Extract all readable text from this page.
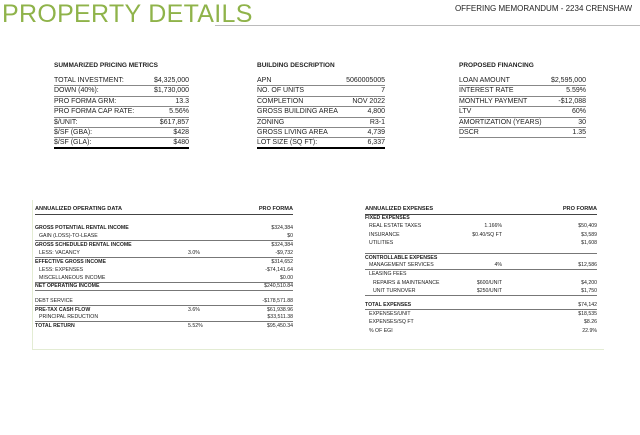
PROPERTY DETAILS	OFFERING MEMORANDUM - 2234 CRENSHAW
SUMMARIZED PRICING METRICS
TOTAL INVESTMENT:	$4,325,000
DOWN (40%):	$1,730,000
PRO FORMA GRM:	13.3
PRO FORMA CAP RATE:	5.56%
$/UNIT:	$617,857
$/SF (GBA):	$428
$/SF (GLA):	$480
BUILDING DESCRIPTION
APN	5060005005
NO. OF UNITS	7
COMPLETION	NOV 2022
GROSS BUILDING AREA	4,800
ZONING	R3-1
GROSS LIVING AREA	4,739
LOT SIZE (SQ FT):	6,337
PROPOSED FINANCING
LOAN AMOUNT	$2,595,000
INTEREST RATE	5.59%
MONTHLY PAYMENT	-$12,088
LTV	60%
AMORTIZATION (YEARS)	30
DSCR	1.35
ANNUALIZED OPERATING DATA	PRO FORMA
GROSS POTENTIAL RENTAL INCOME	$324,384
GAIN (LOSS)-TO-LEASE	$0
GROSS SCHEDULED RENTAL INCOME	$324,384
LESS: VACANCY	3.0%	-$9,732
EFFECTIVE GROSS INCOME	$314,652
LESS: EXPENSES	-$74,141.64
MISCELLANEOUS INCOME	$0.00
NET OPERATING INCOME	$240,510.84
DEBT SERVICE	-$178,571.88
PRE-TAX CASH FLOW	3.6%	$61,938.96
PRINCIPAL REDUCTION	$33,511.38
TOTAL RETURN	5.52%	$95,450.34
ANNUALIZED EXPENSES	PRO FORMA
FIXED EXPENSES
REAL ESTATE TAXES	1.166%	$50,409
INSURANCE	$0.40/SQ FT	$3,589
UTILITIES	$1,608
CONTROLLABLE EXPENSES
MANAGEMENT SERVICES	4%	$12,586
LEASING FEES
REPAIRS & MAINTENANCE	$600/UNIT	$4,200
UNIT TURNOVER	$250/UNIT	$1,750
TOTAL EXPENSES	$74,142
EXPENSES/UNIT	$18,535
EXPENSES/SQ FT	$8.26
% OF EGI	22.9%
